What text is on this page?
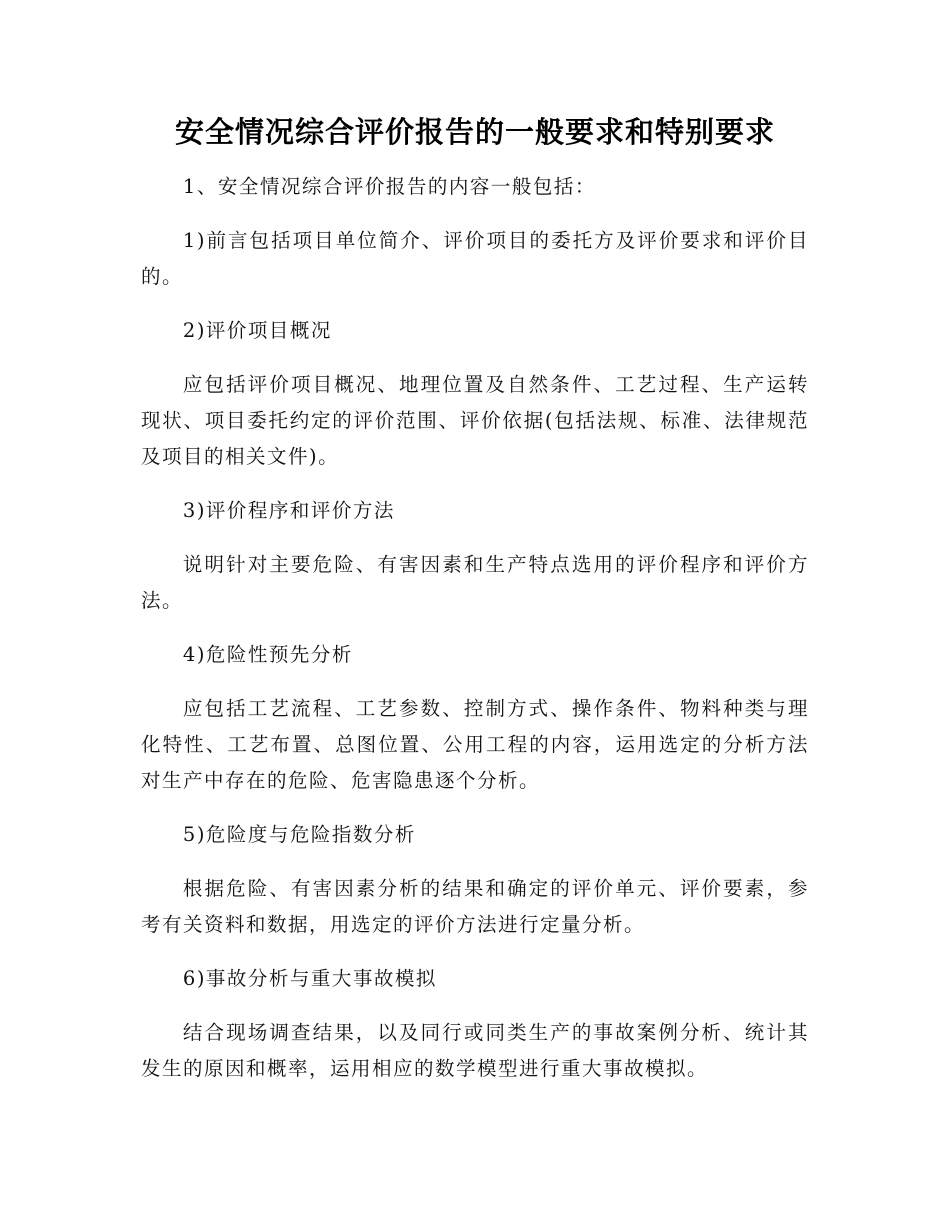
安全情况综合评价报告的一般要求和特别要求

1、安全情况综合评价报告的内容一般包括：

1)前言包括项目单位简介、评价项目的委托方及评价要求和评价目的。

2)评价项目概况

应包括评价项目概况、地理位置及自然条件、工艺过程、生产运转现状、项目委托约定的评价范围、评价依据(包括法规、标准、法律规范及项目的相关文件)。

3)评价程序和评价方法

说明针对主要危险、有害因素和生产特点选用的评价程序和评价方法。

4)危险性预先分析

应包括工艺流程、工艺参数、控制方式、操作条件、物料种类与理化特性、工艺布置、总图位置、公用工程的内容，运用选定的分析方法对生产中存在的危险、危害隐患逐个分析。

5)危险度与危险指数分析

根据危险、有害因素分析的结果和确定的评价单元、评价要素，参考有关资料和数据，用选定的评价方法进行定量分析。

6)事故分析与重大事故模拟

结合现场调查结果，以及同行或同类生产的事故案例分析、统计其发生的原因和概率，运用相应的数学模型进行重大事故模拟。
